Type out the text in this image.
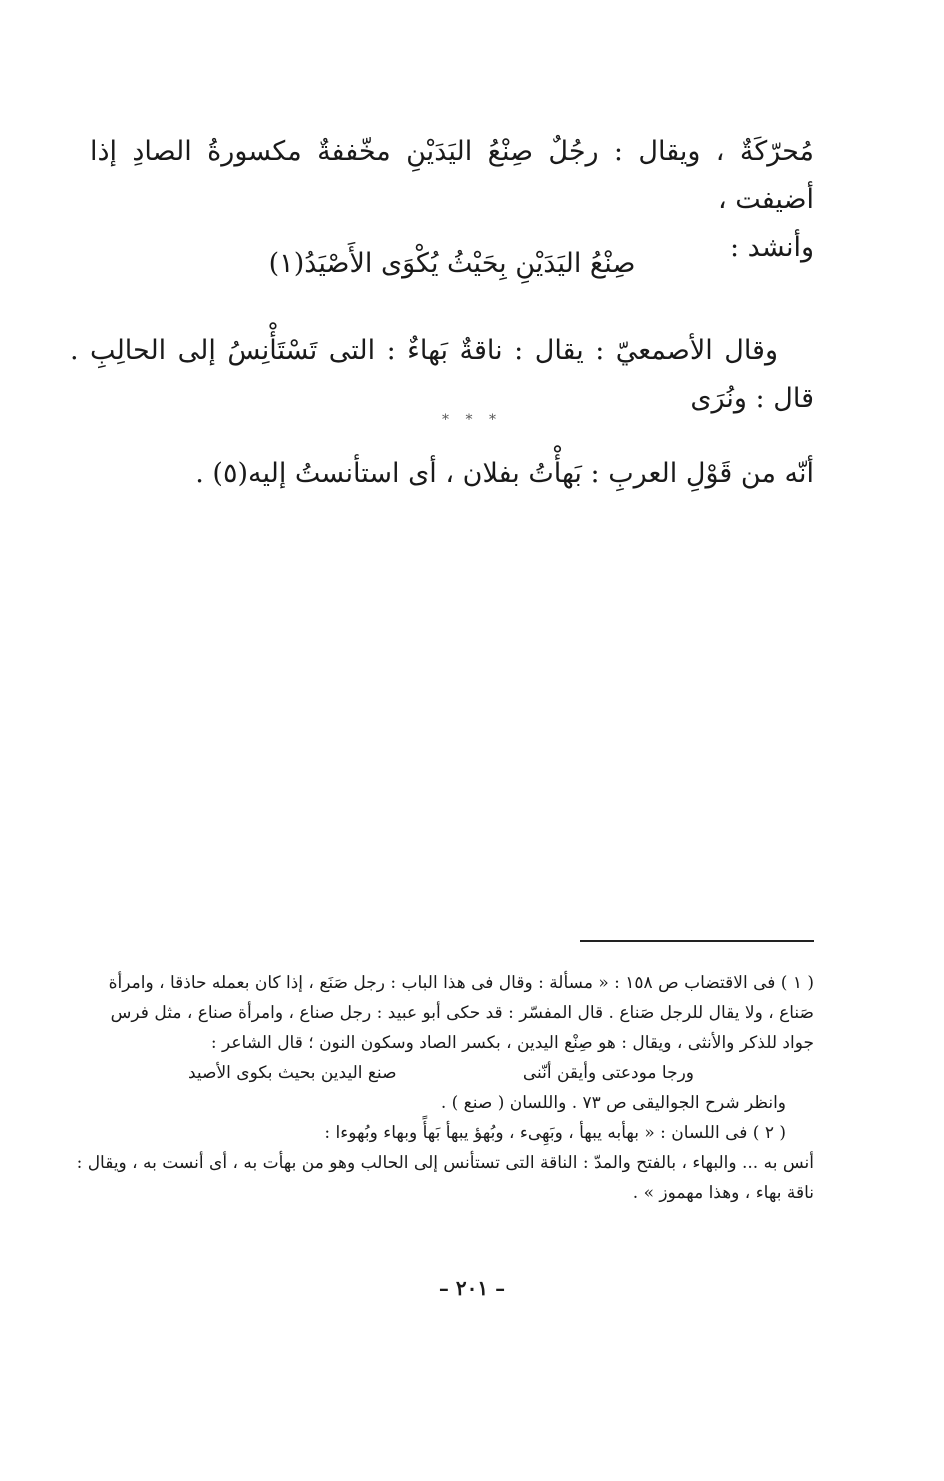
مُحرّكَةٌ ، ويقال : رجُلٌ صِنْعُ اليَدَيْنِ مخّففةٌ مكسورةُ الصادِ إذا أضيفت ،

وأنشد :

صِنْعُ اليَدَيْنِ بِحَيْثُ يُكْوَى الأَصْيَدُ(١)

وقال الأصمعيّ : يقال : ناقةٌ بَهاءٌ : التى تَسْتَأْنِسُ إلى الحالِبِ . قال : ونُرَى

أنّه من قَوْلِ العربِ : بَهأْتُ بفلان ، أى استأنستُ إليه(٥) .

* * *

( ١ ) فى الاقتضاب ص ١٥٨ : « مسألة : وقال فى هذا الباب : رجل صَنَع ، إذا كان بعمله حاذقا ، وامرأة

صَناع ، ولا يقال للرجل صَناع . قال المفسّر : قد حكى أبو عبيد : رجل صناع ، وامرأة صناع ، مثل فرس

جواد للذكر والأنثى ، ويقال : هو صِنْع اليدين ، بكسر الصاد وسكون النون ؛ قال الشاعر :

ورجا مودعتى وأيقن أنّنى
صنع اليدين بحيث بكوى الأصيد

وانظر شرح الجواليقى ص ٧٣ . واللسان ( صنع ) .

( ٢ ) فى اللسان : « بهأبه يبهأ ، وبَهِىء ، وبُهؤ يبهأ بَهأً وبهاء وبُهوءا :

أنس به ... والبهاء ، بالفتح والمدّ : الناقة التى تستأنس إلى الحالب وهو من بهأت به ، أى أنست به ، ويقال :

ناقة بهاء ، وهذا مهموز » .

– ٢٠١ –
